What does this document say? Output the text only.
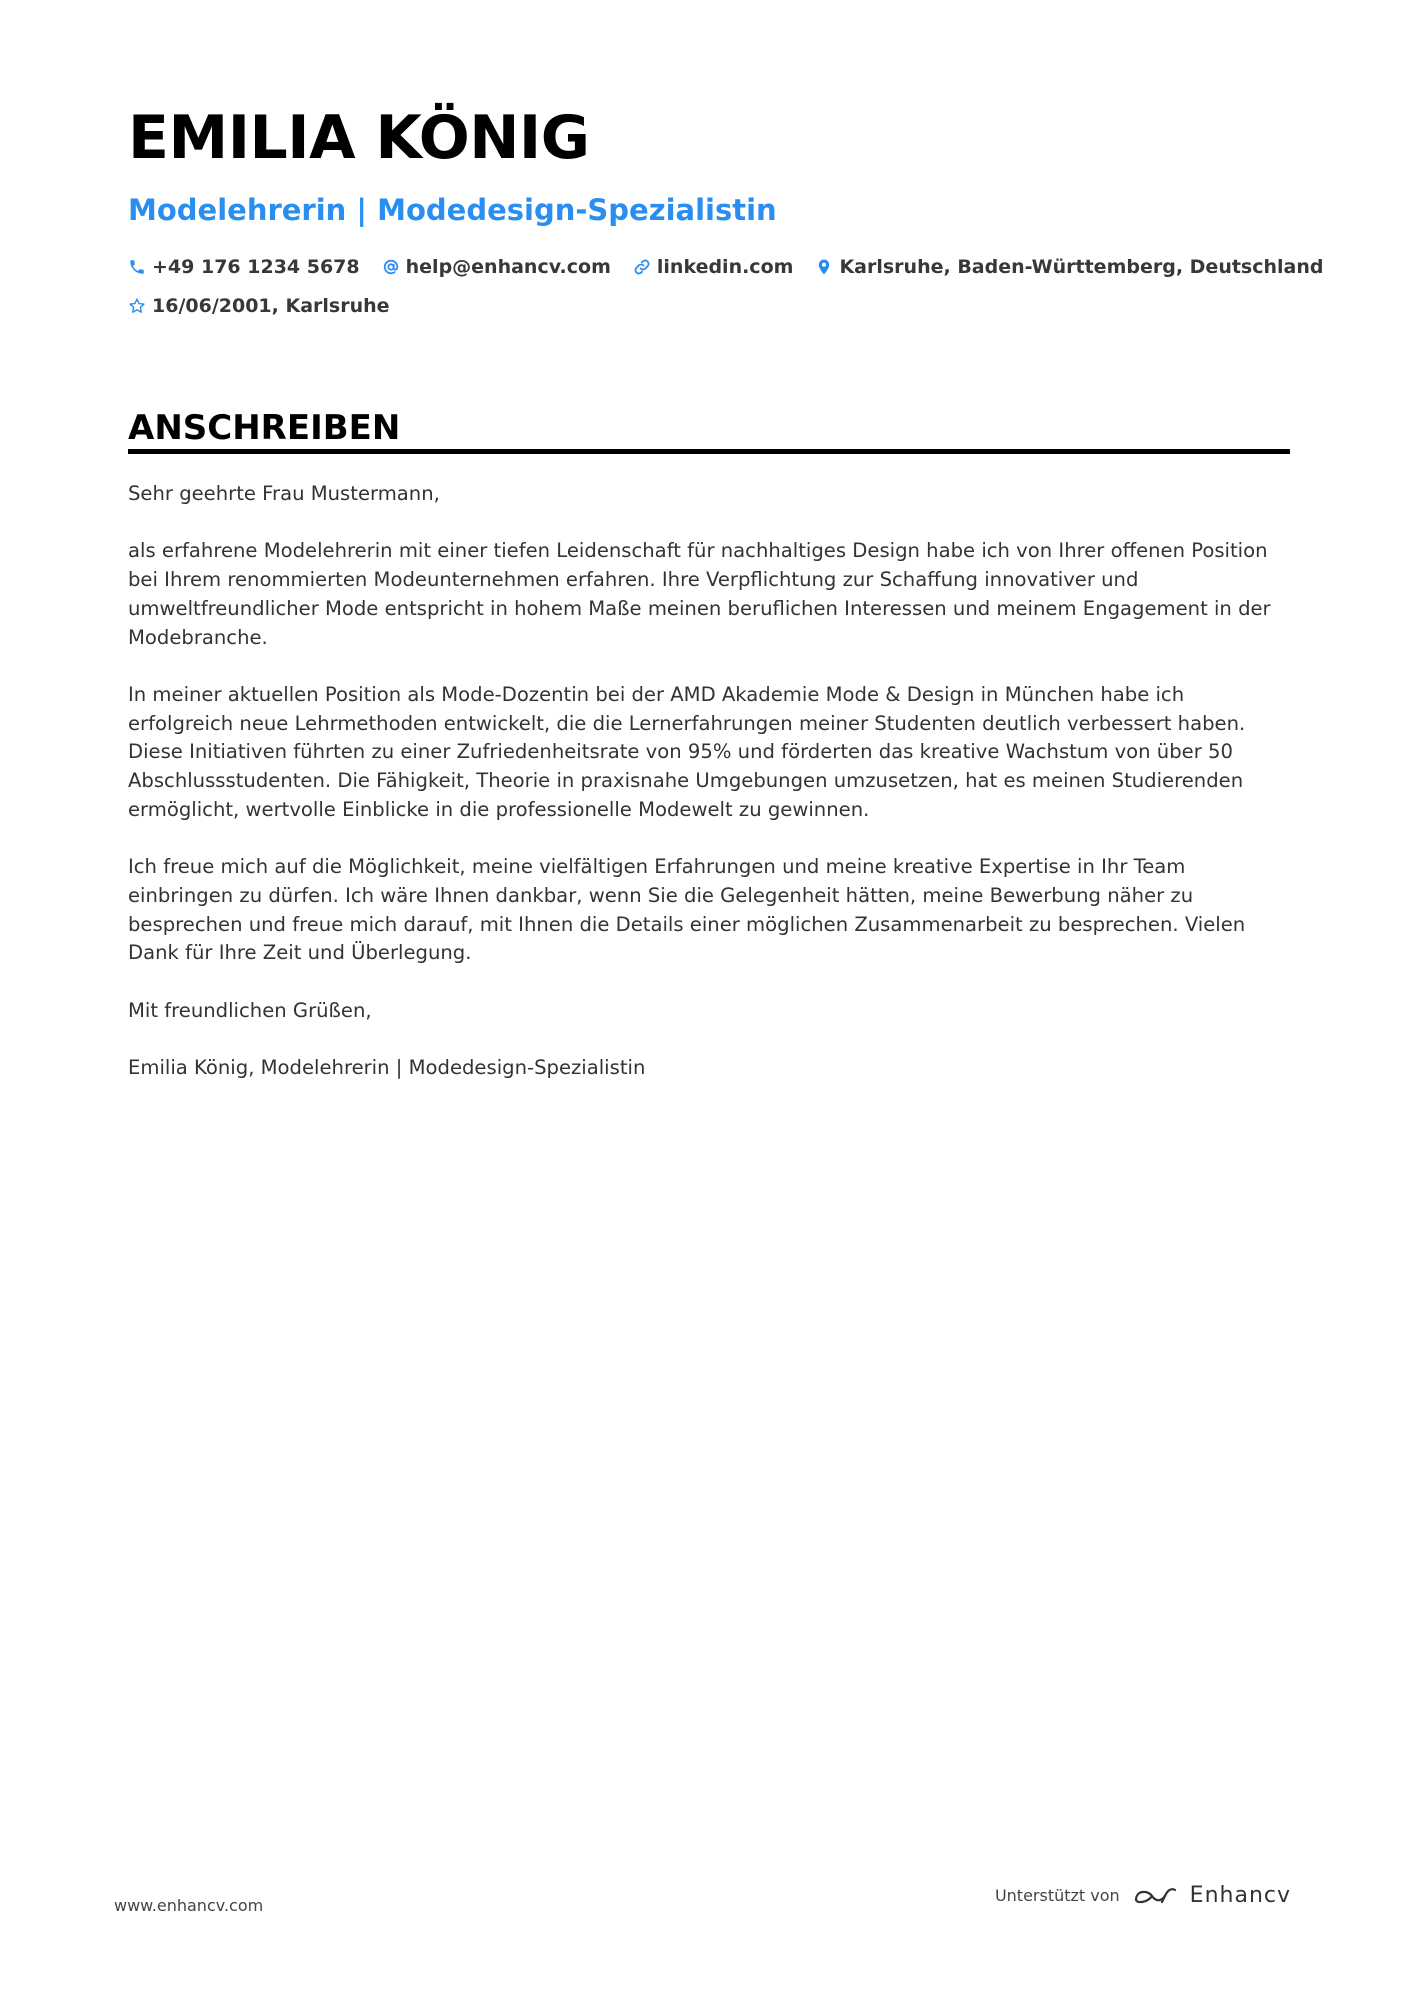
EMILIA KÖNIG
Modelehrerin | Modedesign-Spezialistin
+49 176 1234 5678 help@enhancv.com linkedin.com Karlsruhe, Baden-Württemberg, Deutschland
16/06/2001, Karlsruhe
ANSCHREIBEN

Sehr geehrte Frau Mustermann,

als erfahrene Modelehrerin mit einer tiefen Leidenschaft für nachhaltiges Design habe ich von Ihrer offenen Position bei Ihrem renommierten Modeunternehmen erfahren. Ihre Verpflichtung zur Schaffung innovativer und umweltfreundlicher Mode entspricht in hohem Maße meinen beruflichen Interessen und meinem Engagement in der Modebranche.

In meiner aktuellen Position als Mode-Dozentin bei der AMD Akademie Mode & Design in München habe ich erfolgreich neue Lehrmethoden entwickelt, die die Lernerfahrungen meiner Studenten deutlich verbessert haben. Diese Initiativen führten zu einer Zufriedenheitsrate von 95% und förderten das kreative Wachstum von über 50 Abschlussstudenten. Die Fähigkeit, Theorie in praxisnahe Umgebungen umzusetzen, hat es meinen Studierenden ermöglicht, wertvolle Einblicke in die professionelle Modewelt zu gewinnen.

Ich freue mich auf die Möglichkeit, meine vielfältigen Erfahrungen und meine kreative Expertise in Ihr Team einbringen zu dürfen. Ich wäre Ihnen dankbar, wenn Sie die Gelegenheit hätten, meine Bewerbung näher zu besprechen und freue mich darauf, mit Ihnen die Details einer möglichen Zusammenarbeit zu besprechen. Vielen Dank für Ihre Zeit und Überlegung.

Mit freundlichen Grüßen,

Emilia König, Modelehrerin | Modedesign-Spezialistin

www.enhancv.com
Unterstützt von	Enhancv
